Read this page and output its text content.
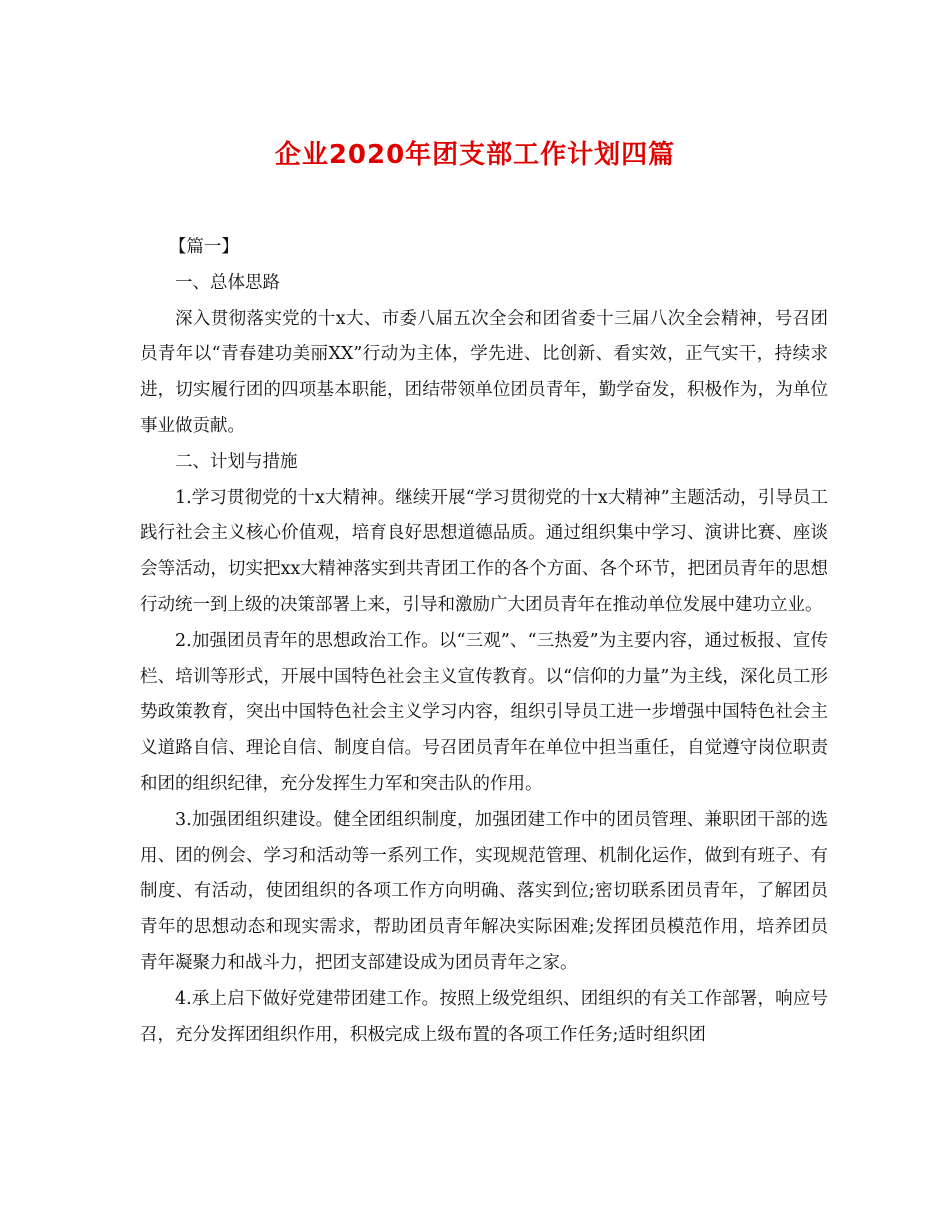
企业2020年团支部工作计划四篇

【篇一】

一、总体思路

深入贯彻落实党的十x大、市委八届五次全会和团省委十三届八次全会精神，号召团员青年以“青春建功美丽XX”行动为主体，学先进、比创新、看实效，正气实干，持续求进，切实履行团的四项基本职能，团结带领单位团员青年，勤学奋发，积极作为，为单位事业做贡献。

二、计划与措施

1.学习贯彻党的十x大精神。继续开展“学习贯彻党的十x大精神”主题活动，引导员工践行社会主义核心价值观，培育良好思想道德品质。通过组织集中学习、演讲比赛、座谈会等活动，切实把xx大精神落实到共青团工作的各个方面、各个环节，把团员青年的思想行动统一到上级的决策部署上来，引导和激励广大团员青年在推动单位发展中建功立业。

2.加强团员青年的思想政治工作。以“三观”、“三热爱”为主要内容，通过板报、宣传栏、培训等形式，开展中国特色社会主义宣传教育。以“信仰的力量”为主线，深化员工形势政策教育，突出中国特色社会主义学习内容，组织引导员工进一步增强中国特色社会主义道路自信、理论自信、制度自信。号召团员青年在单位中担当重任，自觉遵守岗位职责和团的组织纪律，充分发挥生力军和突击队的作用。

3.加强团组织建设。健全团组织制度，加强团建工作中的团员管理、兼职团干部的选用、团的例会、学习和活动等一系列工作，实现规范管理、机制化运作，做到有班子、有制度、有活动，使团组织的各项工作方向明确、落实到位;密切联系团员青年，了解团员青年的思想动态和现实需求，帮助团员青年解决实际困难;发挥团员模范作用，培养团员青年凝聚力和战斗力，把团支部建设成为团员青年之家。

4.承上启下做好党建带团建工作。按照上级党组织、团组织的有关工作部署，响应号召，充分发挥团组织作用，积极完成上级布置的各项工作任务;适时组织团
